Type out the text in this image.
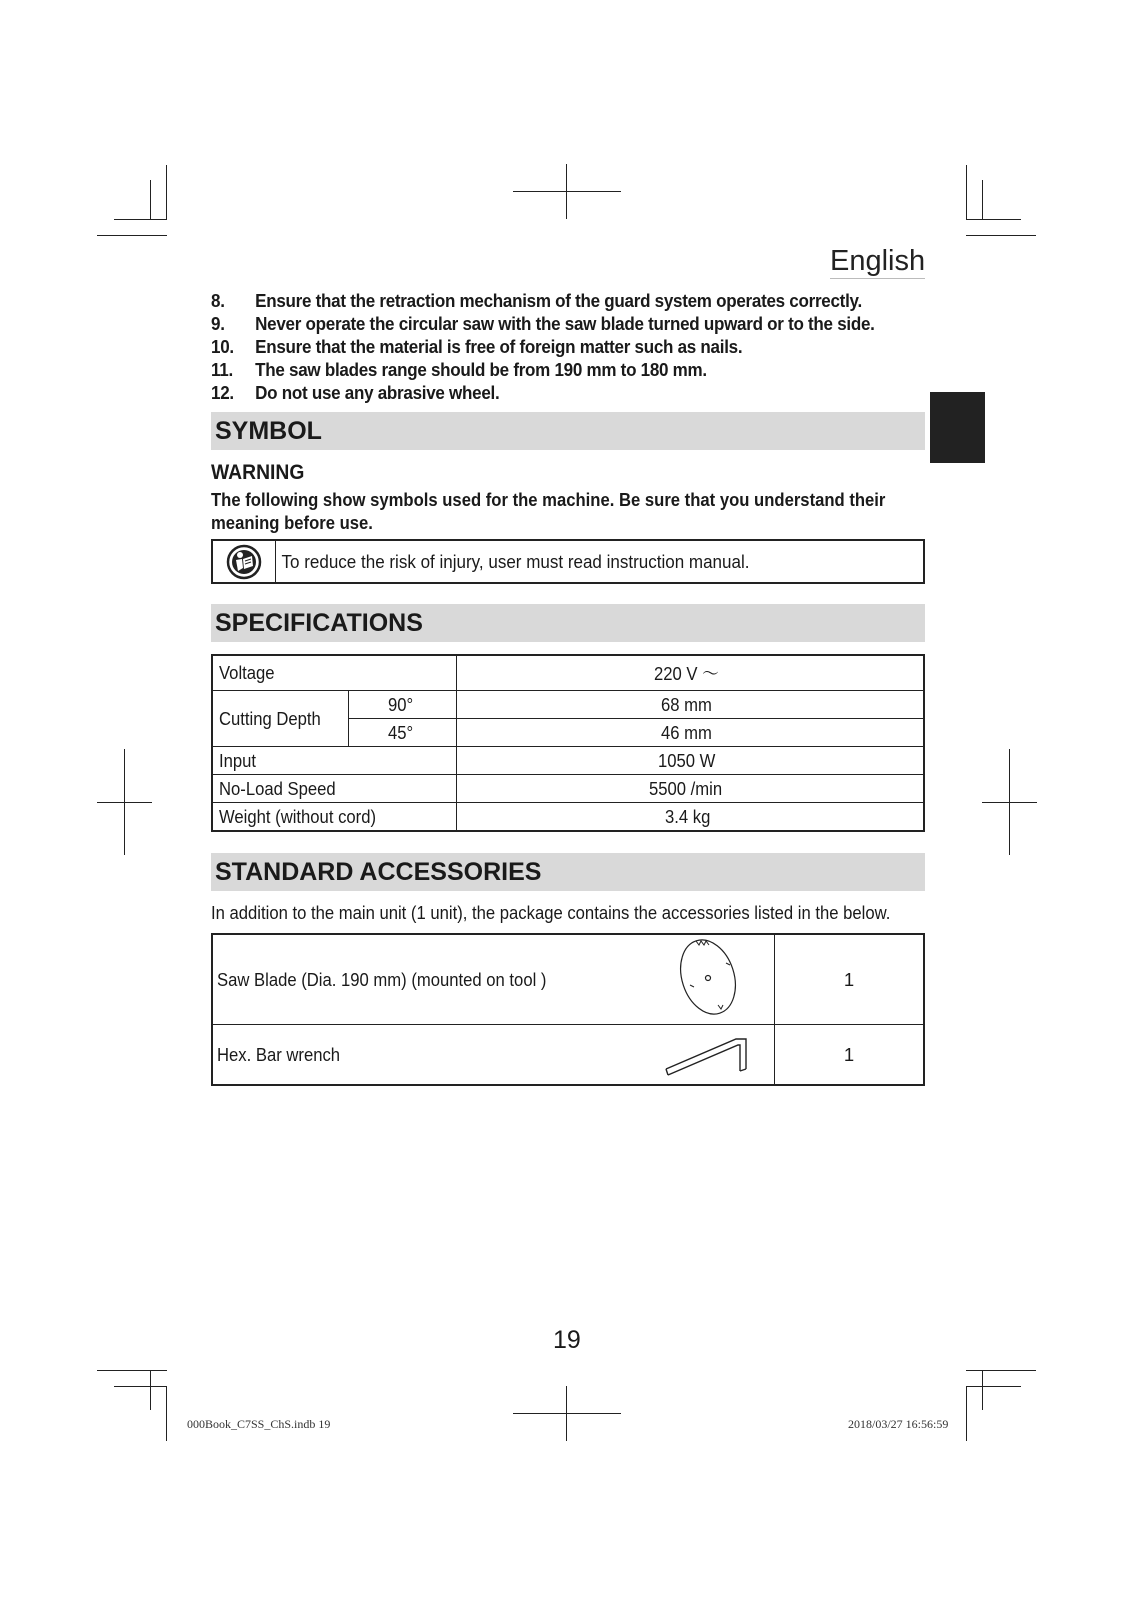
English
8.	Ensure that the retraction mechanism of the guard system operates correctly.
9.	Never operate the circular saw with the saw blade turned upward or to the side.
10.	Ensure that the material is free of foreign matter such as nails.
11.	The saw blades range should be from 190 mm to 180 mm.
12.	Do not use any abrasive wheel.
SYMBOL
WARNING
The following show symbols used for the machine. Be sure that you understand their meaning before use.
To reduce the risk of injury, user must read instruction manual.
SPECIFICATIONS
Voltage		220 V ～
Cutting Depth	90°	68 mm
	45°	46 mm
Input		1050 W
No-Load Speed		5500 /min
Weight (without cord)		3.4 kg
STANDARD ACCESSORIES
In addition to the main unit (1 unit), the package contains the accessories listed in the below.
Saw Blade (Dia. 190 mm) (mounted on tool )		1
Hex. Bar wrench		1
19
000Book_C7SS_ChS.indb 19	2018/03/27 16:56:59
